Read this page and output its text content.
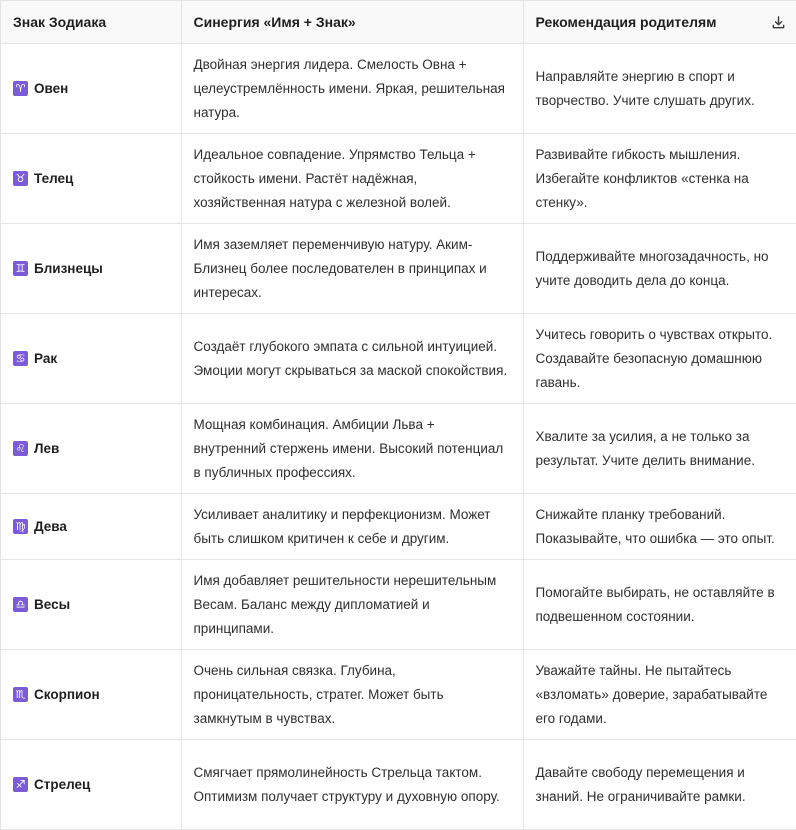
Знак Зодиака	Синергия «Имя + Знак»	Рекомендация родителям

♈ Овен	Двойная энергия лидера. Смелость Овна + целеустремлённость имени. Яркая, решительная натура.	Направляйте энергию в спорт и творчество. Учите слушать других.

♉ Телец	Идеальное совпадение. Упрямство Тельца + стойкость имени. Растёт надёжная, хозяйственная натура с железной волей.	Развивайте гибкость мышления. Избегайте конфликтов «стенка на стенку».

♊ Близнецы	Имя заземляет переменчивую натуру. Аким-Близнец более последователен в принципах и интересах.	Поддерживайте многозадачность, но учите доводить дела до конца.

♋ Рак	Создаёт глубокого эмпата с сильной интуицией. Эмоции могут скрываться за маской спокойствия.	Учитесь говорить о чувствах открыто. Создавайте безопасную домашнюю гавань.

♌ Лев	Мощная комбинация. Амбиции Льва + внутренний стержень имени. Высокий потенциал в публичных профессиях.	Хвалите за усилия, а не только за результат. Учите делить внимание.

♍ Дева	Усиливает аналитику и перфекционизм. Может быть слишком критичен к себе и другим.	Снижайте планку требований. Показывайте, что ошибка — это опыт.

♎ Весы	Имя добавляет решительности нерешительным Весам. Баланс между дипломатией и принципами.	Помогайте выбирать, не оставляйте в подвешенном состоянии.

♏ Скорпион	Очень сильная связка. Глубина, проницательность, стратег. Может быть замкнутым в чувствах.	Уважайте тайны. Не пытайтесь «взломать» доверие, зарабатывайте его годами.

♐ Стрелец	Смягчает прямолинейность Стрельца тактом. Оптимизм получает структуру и духовную опору.	Давайте свободу перемещения и знаний. Не ограничивайте рамки.
